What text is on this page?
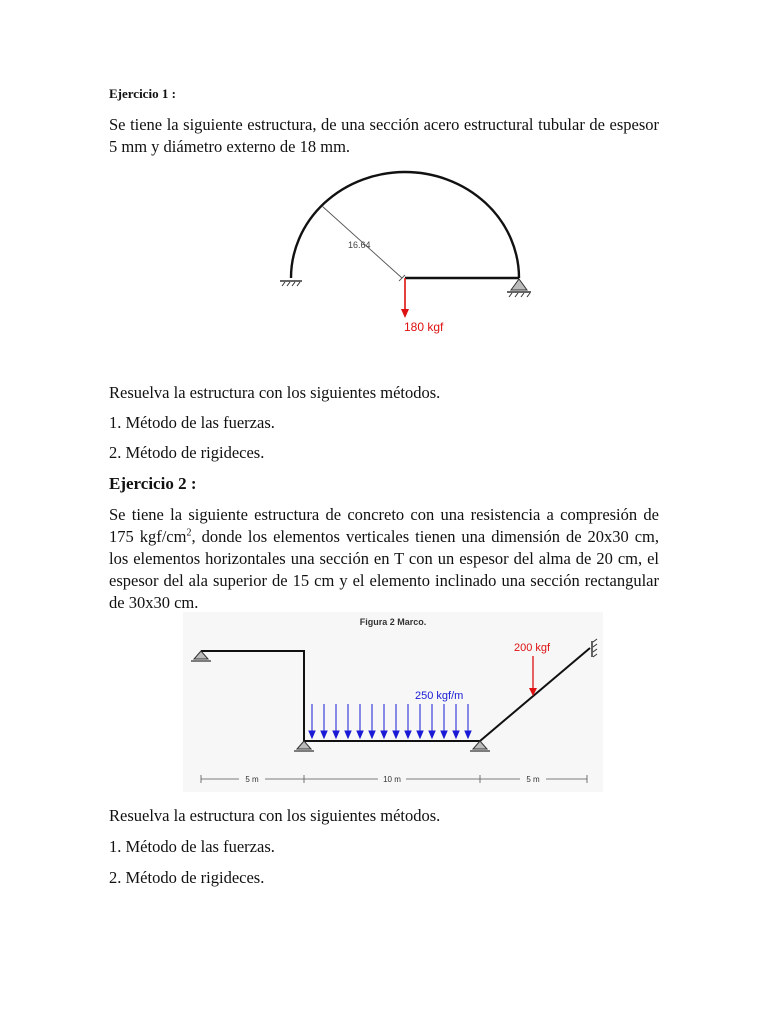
Ejercicio 1 :
Se tiene la siguiente estructura, de una sección acero estructural tubular de espesor 5 mm y diámetro externo de 18 mm.
16.64
180 kgf
Resuelva la estructura con los siguientes métodos.
1. Método de las fuerzas.
2. Método de rigideces.
Ejercicio 2 :
Se tiene la siguiente estructura de concreto con una resistencia a compresión de 175 kgf/$cm^2$, donde los elementos verticales tienen una dimensión de 20x30 cm, los elementos horizontales una sección en T con un espesor del alma de 20 cm, el espesor del ala superior de 15 cm y el elemento inclinado una sección rectangular de 30x30 cm.
Figura 2 Marco.
250 kgf/m
200 kgf
5 m	10 m	5 m
Resuelva la estructura con los siguientes métodos.
1. Método de las fuerzas.
2. Método de rigideces.
